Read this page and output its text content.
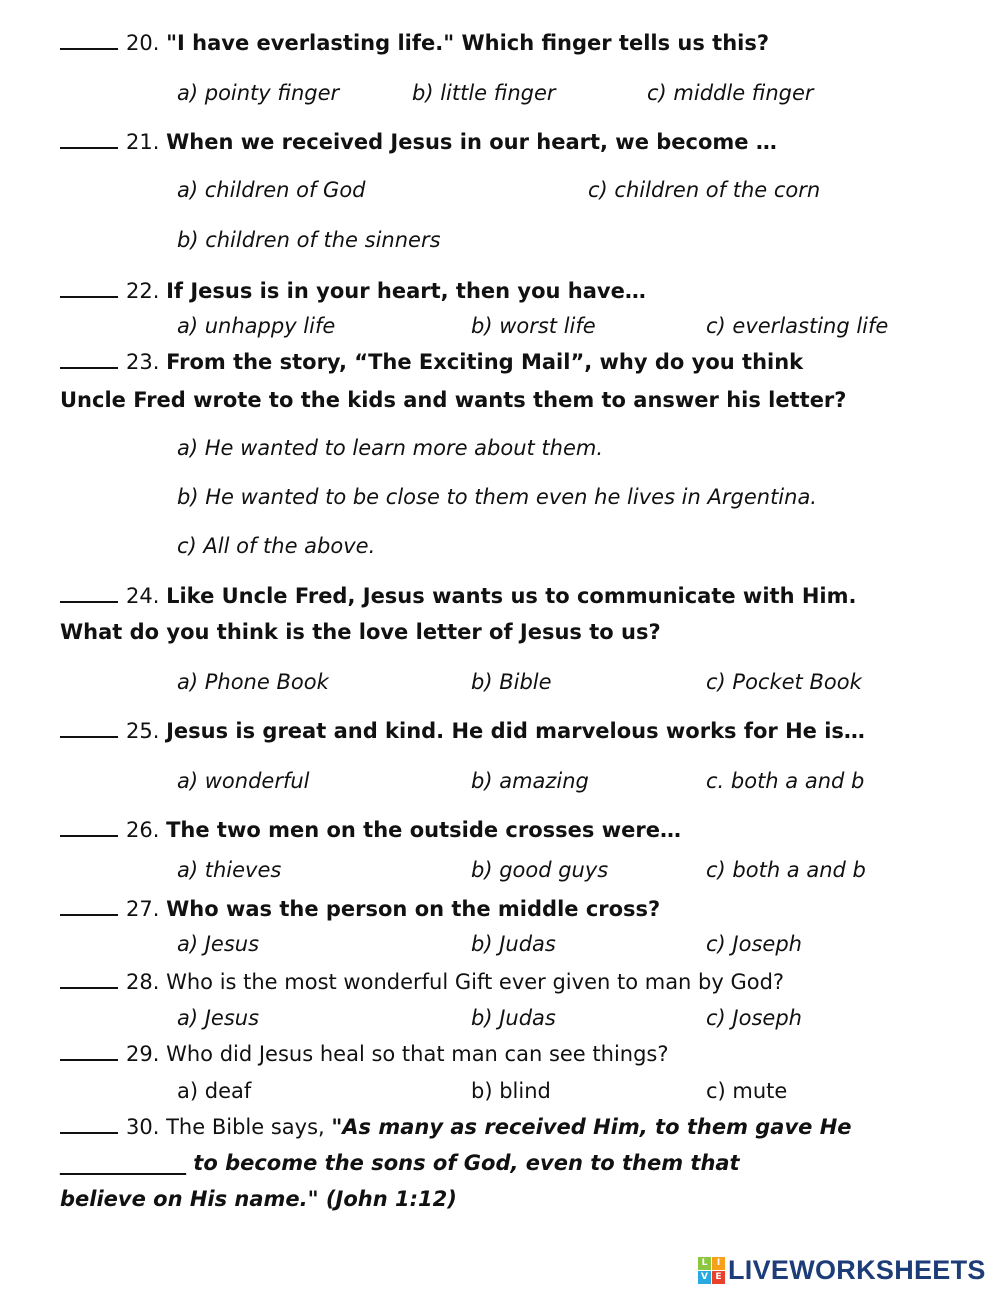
20. "I have everlasting life." Which finger tells us this?
a) pointy finger	b) little finger	c) middle finger
21. When we received Jesus in our heart, we become …
a) children of God	c) children of the corn
b) children of the sinners
22. If Jesus is in your heart, then you have…
a) unhappy life	b) worst life	c) everlasting life
23. From the story, “The Exciting Mail”, why do you think
Uncle Fred wrote to the kids and wants them to answer his letter?
a) He wanted to learn more about them.
b) He wanted to be close to them even he lives in Argentina.
c) All of the above.
24. Like Uncle Fred, Jesus wants us to communicate with Him.
What do you think is the love letter of Jesus to us?
a) Phone Book	b) Bible	c) Pocket Book
25. Jesus is great and kind. He did marvelous works for He is…
a) wonderful	b) amazing	c. both a and b
26. The two men on the outside crosses were…
a) thieves	b) good guys	c) both a and b
27. Who was the person on the middle cross?
a) Jesus	b) Judas	c) Joseph
28. Who is the most wonderful Gift ever given to man by God?
a) Jesus	b) Judas	c) Joseph
29. Who did Jesus heal so that man can see things?
a) deaf	b) blind	c) mute
30. The Bible says, "As many as received Him, to them gave He
____________ to become the sons of God, even to them that
believe on His name." (John 1:12)
L	I
V E LIVEWORKSHEETS
